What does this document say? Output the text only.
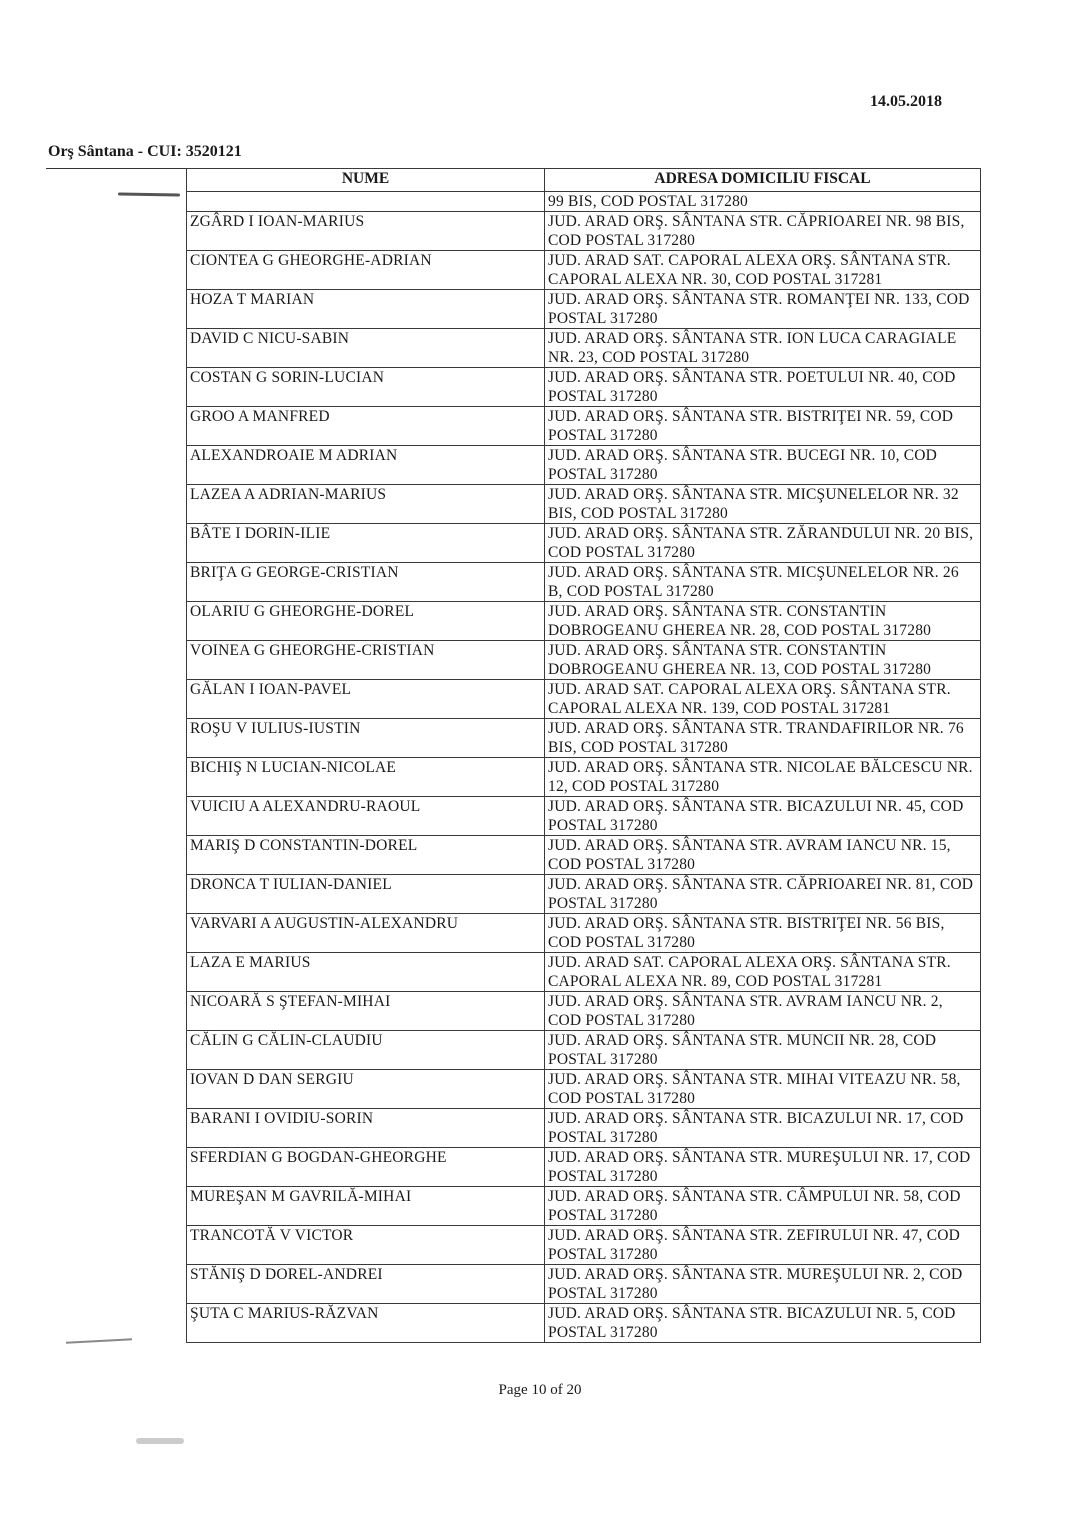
14.05.2018
Orş Sântana - CUI: 3520121
NUME	ADRESA DOMICILIU FISCAL
	99 BIS, COD POSTAL 317280
ZGÂRD I IOAN-MARIUS	JUD. ARAD ORŞ. SÂNTANA STR. CĂPRIOAREI NR. 98 BIS, COD POSTAL 317280
CIONTEA G GHEORGHE-ADRIAN	JUD. ARAD SAT. CAPORAL ALEXA ORŞ. SÂNTANA STR. CAPORAL ALEXA NR. 30, COD POSTAL 317281
HOZA T MARIAN	JUD. ARAD ORŞ. SÂNTANA STR. ROMANŢEI NR. 133, COD POSTAL 317280
DAVID C NICU-SABIN	JUD. ARAD ORŞ. SÂNTANA STR. ION LUCA CARAGIALE NR. 23, COD POSTAL 317280
COSTAN G SORIN-LUCIAN	JUD. ARAD ORŞ. SÂNTANA STR. POETULUI NR. 40, COD POSTAL 317280
GROO A MANFRED	JUD. ARAD ORŞ. SÂNTANA STR. BISTRIŢEI NR. 59, COD POSTAL 317280
ALEXANDROAIE M ADRIAN	JUD. ARAD ORŞ. SÂNTANA STR. BUCEGI NR. 10, COD POSTAL 317280
LAZEA A ADRIAN-MARIUS	JUD. ARAD ORŞ. SÂNTANA STR. MICŞUNELELOR NR. 32 BIS, COD POSTAL 317280
BÂTE I DORIN-ILIE	JUD. ARAD ORŞ. SÂNTANA STR. ZĂRANDULUI NR. 20 BIS, COD POSTAL 317280
BRIŢA G GEORGE-CRISTIAN	JUD. ARAD ORŞ. SÂNTANA STR. MICŞUNELELOR NR. 26 B, COD POSTAL 317280
OLARIU G GHEORGHE-DOREL	JUD. ARAD ORŞ. SÂNTANA STR. CONSTANTIN DOBROGEANU GHEREA NR. 28, COD POSTAL 317280
VOINEA G GHEORGHE-CRISTIAN	JUD. ARAD ORŞ. SÂNTANA STR. CONSTANTIN DOBROGEANU GHEREA NR. 13, COD POSTAL 317280
GĂLAN I IOAN-PAVEL	JUD. ARAD SAT. CAPORAL ALEXA ORŞ. SÂNTANA STR. CAPORAL ALEXA NR. 139, COD POSTAL 317281
ROŞU V IULIUS-IUSTIN	JUD. ARAD ORŞ. SÂNTANA STR. TRANDAFIRILOR NR. 76 BIS, COD POSTAL 317280
BICHIŞ N LUCIAN-NICOLAE	JUD. ARAD ORŞ. SÂNTANA STR. NICOLAE BĂLCESCU NR. 12, COD POSTAL 317280
VUICIU A ALEXANDRU-RAOUL	JUD. ARAD ORŞ. SÂNTANA STR. BICAZULUI NR. 45, COD POSTAL 317280
MARIŞ D CONSTANTIN-DOREL	JUD. ARAD ORŞ. SÂNTANA STR. AVRAM IANCU NR. 15, COD POSTAL 317280
DRONCA T IULIAN-DANIEL	JUD. ARAD ORŞ. SÂNTANA STR. CĂPRIOAREI NR. 81, COD POSTAL 317280
VARVARI A AUGUSTIN-ALEXANDRU	JUD. ARAD ORŞ. SÂNTANA STR. BISTRIŢEI NR. 56 BIS, COD POSTAL 317280
LAZA E MARIUS	JUD. ARAD SAT. CAPORAL ALEXA ORŞ. SÂNTANA STR. CAPORAL ALEXA NR. 89, COD POSTAL 317281
NICOARĂ S ŞTEFAN-MIHAI	JUD. ARAD ORŞ. SÂNTANA STR. AVRAM IANCU NR. 2, COD POSTAL 317280
CĂLIN G CĂLIN-CLAUDIU	JUD. ARAD ORŞ. SÂNTANA STR. MUNCII NR. 28, COD POSTAL 317280
IOVAN D DAN SERGIU	JUD. ARAD ORŞ. SÂNTANA STR. MIHAI VITEAZU NR. 58, COD POSTAL 317280
BARANI I OVIDIU-SORIN	JUD. ARAD ORŞ. SÂNTANA STR. BICAZULUI NR. 17, COD POSTAL 317280
SFERDIAN G BOGDAN-GHEORGHE	JUD. ARAD ORŞ. SÂNTANA STR. MUREŞULUI NR. 17, COD POSTAL 317280
MUREŞAN M GAVRILĂ-MIHAI	JUD. ARAD ORŞ. SÂNTANA STR. CÂMPULUI NR. 58, COD POSTAL 317280
TRANCOTĂ V VICTOR	JUD. ARAD ORŞ. SÂNTANA STR. ZEFIRULUI NR. 47, COD POSTAL 317280
STĂNIŞ D DOREL-ANDREI	JUD. ARAD ORŞ. SÂNTANA STR. MUREŞULUI NR. 2, COD POSTAL 317280
ŞUTA C MARIUS-RĂZVAN	JUD. ARAD ORŞ. SÂNTANA STR. BICAZULUI NR. 5, COD POSTAL 317280
Page 10 of 20
